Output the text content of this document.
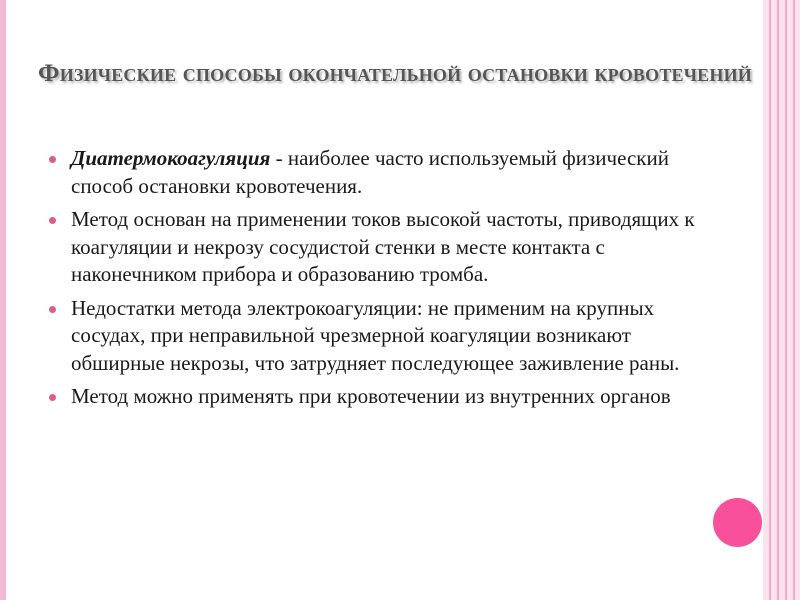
Физические способы окончательной остановки кровотечений
Диатермокоагуляция - наиболее часто используемый физический способ остановки кровотечения.
Метод основан на применении токов высокой частоты, приводящих к коагуляции и некрозу сосудистой стенки в месте контакта с наконечником прибора и образованию тромба.
Недостатки метода электрокоагуляции: не применим на крупных сосудах, при неправильной чрезмерной коагуляции возникают обширные некрозы, что затрудняет последующее заживление раны.
Метод можно применять при кровотечении из внутренних органов
